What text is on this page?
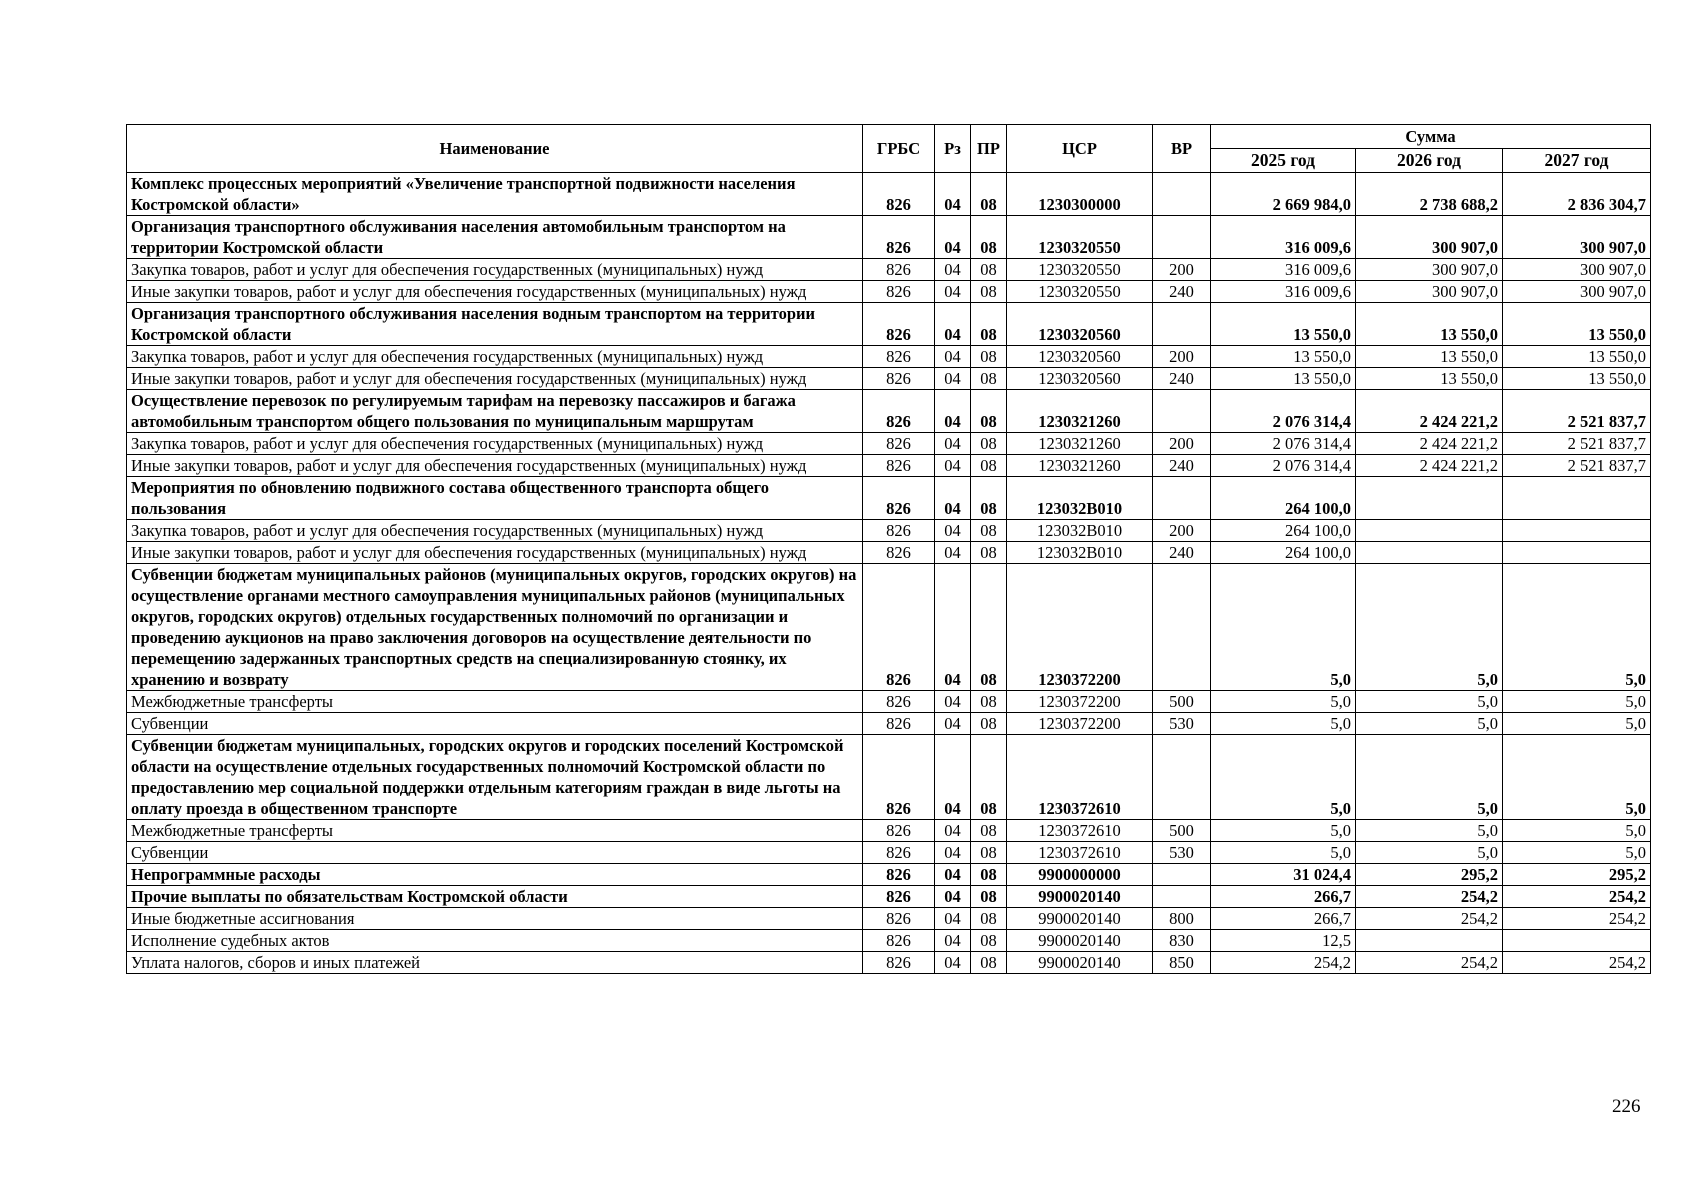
Наименование	ГРБС	Рз	ПР	ЦСР	ВР	Сумма		
						2025 год	2026 год	2027 год
Комплекс процессных мероприятий «Увеличение транспортной подвижности населения Костромской области»	826	04	08	1230300000		2 669 984,0	2 738 688,2	2 836 304,7
Организация транспортного обслуживания населения автомобильным транспортом на территории Костромской области	826	04	08	1230320550		316 009,6	300 907,0	300 907,0
Закупка товаров, работ и услуг для обеспечения государственных (муниципальных) нужд	826	04	08	1230320550	200	316 009,6	300 907,0	300 907,0
Иные закупки товаров, работ и услуг для обеспечения государственных (муниципальных) нужд	826	04	08	1230320550	240	316 009,6	300 907,0	300 907,0
Организация транспортного обслуживания населения водным транспортом на территории Костромской области	826	04	08	1230320560		13 550,0	13 550,0	13 550,0
Закупка товаров, работ и услуг для обеспечения государственных (муниципальных) нужд	826	04	08	1230320560	200	13 550,0	13 550,0	13 550,0
Иные закупки товаров, работ и услуг для обеспечения государственных (муниципальных) нужд	826	04	08	1230320560	240	13 550,0	13 550,0	13 550,0
Осуществление перевозок по регулируемым тарифам на перевозку пассажиров и багажа автомобильным транспортом общего пользования по муниципальным маршрутам	826	04	08	1230321260		2 076 314,4	2 424 221,2	2 521 837,7
Закупка товаров, работ и услуг для обеспечения государственных (муниципальных) нужд	826	04	08	1230321260	200	2 076 314,4	2 424 221,2	2 521 837,7
Иные закупки товаров, работ и услуг для обеспечения государственных (муниципальных) нужд	826	04	08	1230321260	240	2 076 314,4	2 424 221,2	2 521 837,7
Мероприятия по обновлению подвижного состава общественного транспорта общего пользования	826	04	08	123032В010		264 100,0		
Закупка товаров, работ и услуг для обеспечения государственных (муниципальных) нужд	826	04	08	123032В010	200	264 100,0		
Иные закупки товаров, работ и услуг для обеспечения государственных (муниципальных) нужд	826	04	08	123032В010	240	264 100,0		
Субвенции бюджетам муниципальных районов (муниципальных округов, городских округов) на осуществление органами местного самоуправления муниципальных районов (муниципальных округов, городских округов) отдельных государственных полномочий по организации и проведению аукционов на право заключения договоров на осуществление деятельности по перемещению задержанных транспортных средств на специализированную стоянку, их хранению и возврату	826	04	08	1230372200		5,0	5,0	5,0
Межбюджетные трансферты	826	04	08	1230372200	500	5,0	5,0	5,0
Субвенции	826	04	08	1230372200	530	5,0	5,0	5,0
Субвенции бюджетам муниципальных, городских округов и городских поселений Костромской области на осуществление отдельных государственных полномочий Костромской области по предоставлению мер социальной поддержки отдельным категориям граждан в виде льготы на оплату проезда в общественном транспорте	826	04	08	1230372610		5,0	5,0	5,0
Межбюджетные трансферты	826	04	08	1230372610	500	5,0	5,0	5,0
Субвенции	826	04	08	1230372610	530	5,0	5,0	5,0
Непрограммные расходы	826	04	08	9900000000		31 024,4	295,2	295,2
Прочие выплаты по обязательствам Костромской области	826	04	08	9900020140		266,7	254,2	254,2
Иные бюджетные ассигнования	826	04	08	9900020140	800	266,7	254,2	254,2
Исполнение судебных актов	826	04	08	9900020140	830	12,5		
Уплата налогов, сборов и иных платежей	826	04	08	9900020140	850	254,2	254,2	254,2
226
